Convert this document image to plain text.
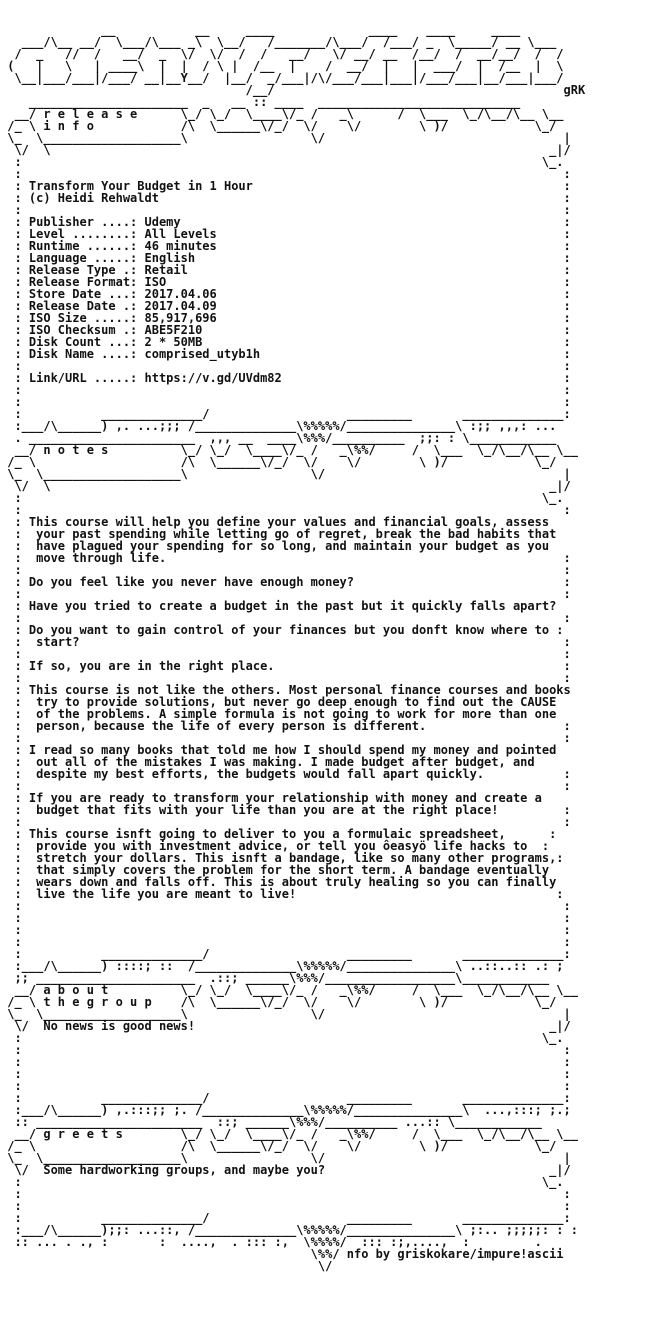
__           __     ____             ____    ____     ____
___/\__ __/  \___/\___ _\  \__/   /_______/\___/  /___/ _  \_____/ __ \___
/  _   //  /   __/  _  \/  \/  /  /   __/   \/ __/ __  /__/  /  __/__/  /  /
(   |   \   | ____\  |  |  / \ |  /__  |    /  __/  |   |  ___/  |  /__  |  \
\__|___/___|/___/ __|__Y__/  |__/  _/___|/\/___/___|___|/___/___|__/___|___/
/__/                                        gRK
______________________  _   __ :: ____  ____________________________
__/ r e l e a s e      \_/ \_/  \____\/_ /   _\      /  \___  \_/\__/\__ \__
/_ \ i n f o            /\  \______\/_/  \/    \/        \ )/            \_/
\_  \___________________\                 \/                                 |
\/  \                                                                     _|/
:                                                                        \_.
:                                                                           :
: Transform Your Budget in 1 Hour                                           :
: (c) Heidi Rehwaldt                                                        :
:                                                                           :
: Publisher ....: Udemy                                                     :
: Level ........: All Levels                                                :
: Runtime ......: 46 minutes                                                :
: Language .....: English                                                   :
: Release Type .: Retail                                                    :
: Release Format: ISO                                                       :
: Store Date ...: 2017.04.06                                                :
: Release Date .: 2017.04.09                                                :
: ISO Size .....: 85,917,696                                                :
: ISO Checksum .: ABE5F210                                                  :
: Disk Count ...: 2 * 50MB                                                  :
: Disk Name ....: comprised_utyb1h                                          :
:                                                                           :
: Link/URL .....: https://v.gd/UVdm82                                       :
:                                                                           :
:                                                                           :
:           ______________/                   _________       ______________:
:___/\______) ,. ...;;; /______________\%%%%%/_______________\ :;; ,,,: ...
. _______________________  ,,, __  ____\%%%/__________  ;;: : \____________
__/ n o t e s          \_/ \_/  \____\/_ /   _\%%/     /  \___  \_/\__/\__ \__
/_ \                    /\  \______\/_/  \/    \/        \ )/            \_/
\_  \___________________\                 \/                                 |
\/  \                                                                     _|/
:                                                                        \_.
:                                                                           :
: This course will help you define your values and financial goals, assess
:  your past spending while letting go of regret, break the bad habits that
:  have plagued your spending for so long, and maintain your budget as you
:  move through life.                                                       :
:                                                                           :
: Do you feel like you never have enough money?                             :
:                                                                           :
: Have you tried to create a budget in the past but it quickly falls apart?
:                                                                           :
: Do you want to gain control of your finances but you donft know where to :
:  start?                                                                   :
:                                                                           :
: If so, you are in the right place.                                        :
:                                                                           :
: This course is not like the others. Most personal finance courses and books
:  try to provide solutions, but never go deep enough to find out the CAUSE
:  of the problems. A simple formula is not going to work for more than one
:  person, because the life of every person is different.                   :
:                                                                           :
: I read so many books that told me how I should spend my money and pointed
:  out all of the mistakes I was making. I made budget after budget, and
:  despite my best efforts, the budgets would fall apart quickly.           :
:                                                                           :
: If you are ready to transform your relationship with money and create a
:  budget that fits with your life than you are at the right place!         :
:                                                                           :
: This course isnft going to deliver to you a formulaic spreadsheet,      :
:  provide you with investment advice, or tell you ôeasyö life hacks to  :
:  stretch your dollars. This isnft a bandage, like so many other programs,:
:  that simply covers the problem for the short term. A bandage eventually
:  wears down and falls off. This is about truly healing so you can finally
:  live the life you are meant to live!                                    :
:                                                                           :
:                                                                           :
:                                                                           :
:                                                                           :
:           ______________/                   _________       ______________:
:___/\______) ::::; ::  /______________\%%%%%/_______________\ ..::..:: .: ;
;; ______________________  .::; ______\%%%/__________________\____________
__/ a b o u t          \_/ \_/  \____\/_ /   _\%%/     /  \___  \_/\__/\__ \__
/_ \ t h e g r o u p    /\  \______\/_/  \/    \/        \ )/            \_/
\_  \___________________\                 \/                                 |
\/  No news is good news!                                                 _|/
:                                                                        \_.
:                                                                           :
:                                                                           :
:                                                                           :
:                                                                           :
:           ______________/                   _________       ______________:
:___/\______) ,.:::;; ;. /______________\%%%%%/_______________\  ...,:::; ;.;
:: _______________________  ::; ______\%%%/__________ ...:: \____________
__/ g r e e t s        \_/ \_/  \____\/_ /   _\%%/     /  \___  \_/\__/\__ \__
/_ \                    /\  \______\/_/  \/    \/        \ )/            \_/
\_  \___________________\                 \/                                 |
\/  Some hardworking groups, and maybe you?                               _|/
:                                                                        \_.
:                                                                           :
:                                                                           :
:           ______________/                   _________       ______________:
:___/\______);;: ...::, /______________\%%%%%/_______________\ ;:.. ;;;;;: : :
:: ... . ., :       :  ....,  . ::: :,  \%%%%/  ::: :;,....,  :         .
\%%/ nfo by griskokare/impure!ascii
\/
